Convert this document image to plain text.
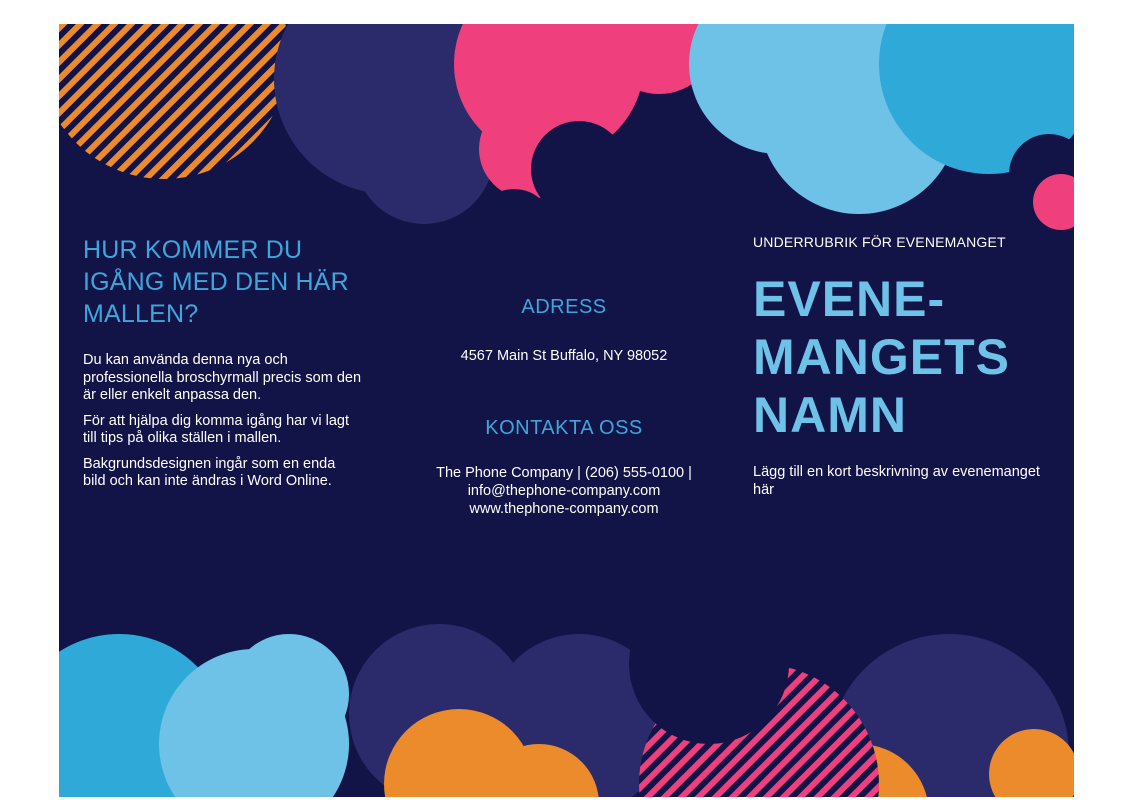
HUR KOMMER DU
IGÅNG MED DEN HÄR
MALLEN?

Du kan använda denna nya och
professionella broschyrmall precis som den
är eller enkelt anpassa den.

För att hjälpa dig komma igång har vi lagt
till tips på olika ställen i mallen.

Bakgrundsdesignen ingår som en enda
bild och kan inte ändras i Word Online.

ADRESS

4567 Main St Buffalo, NY 98052

KONTAKTA OSS

The Phone Company | (206) 555-0100 |
info@thephone-company.com
www.thephone-company.com

UNDERRUBRIK FÖR EVENEMANGET

EVENE-
MANGETS
NAMN

Lägg till en kort beskrivning av evenemanget
här
